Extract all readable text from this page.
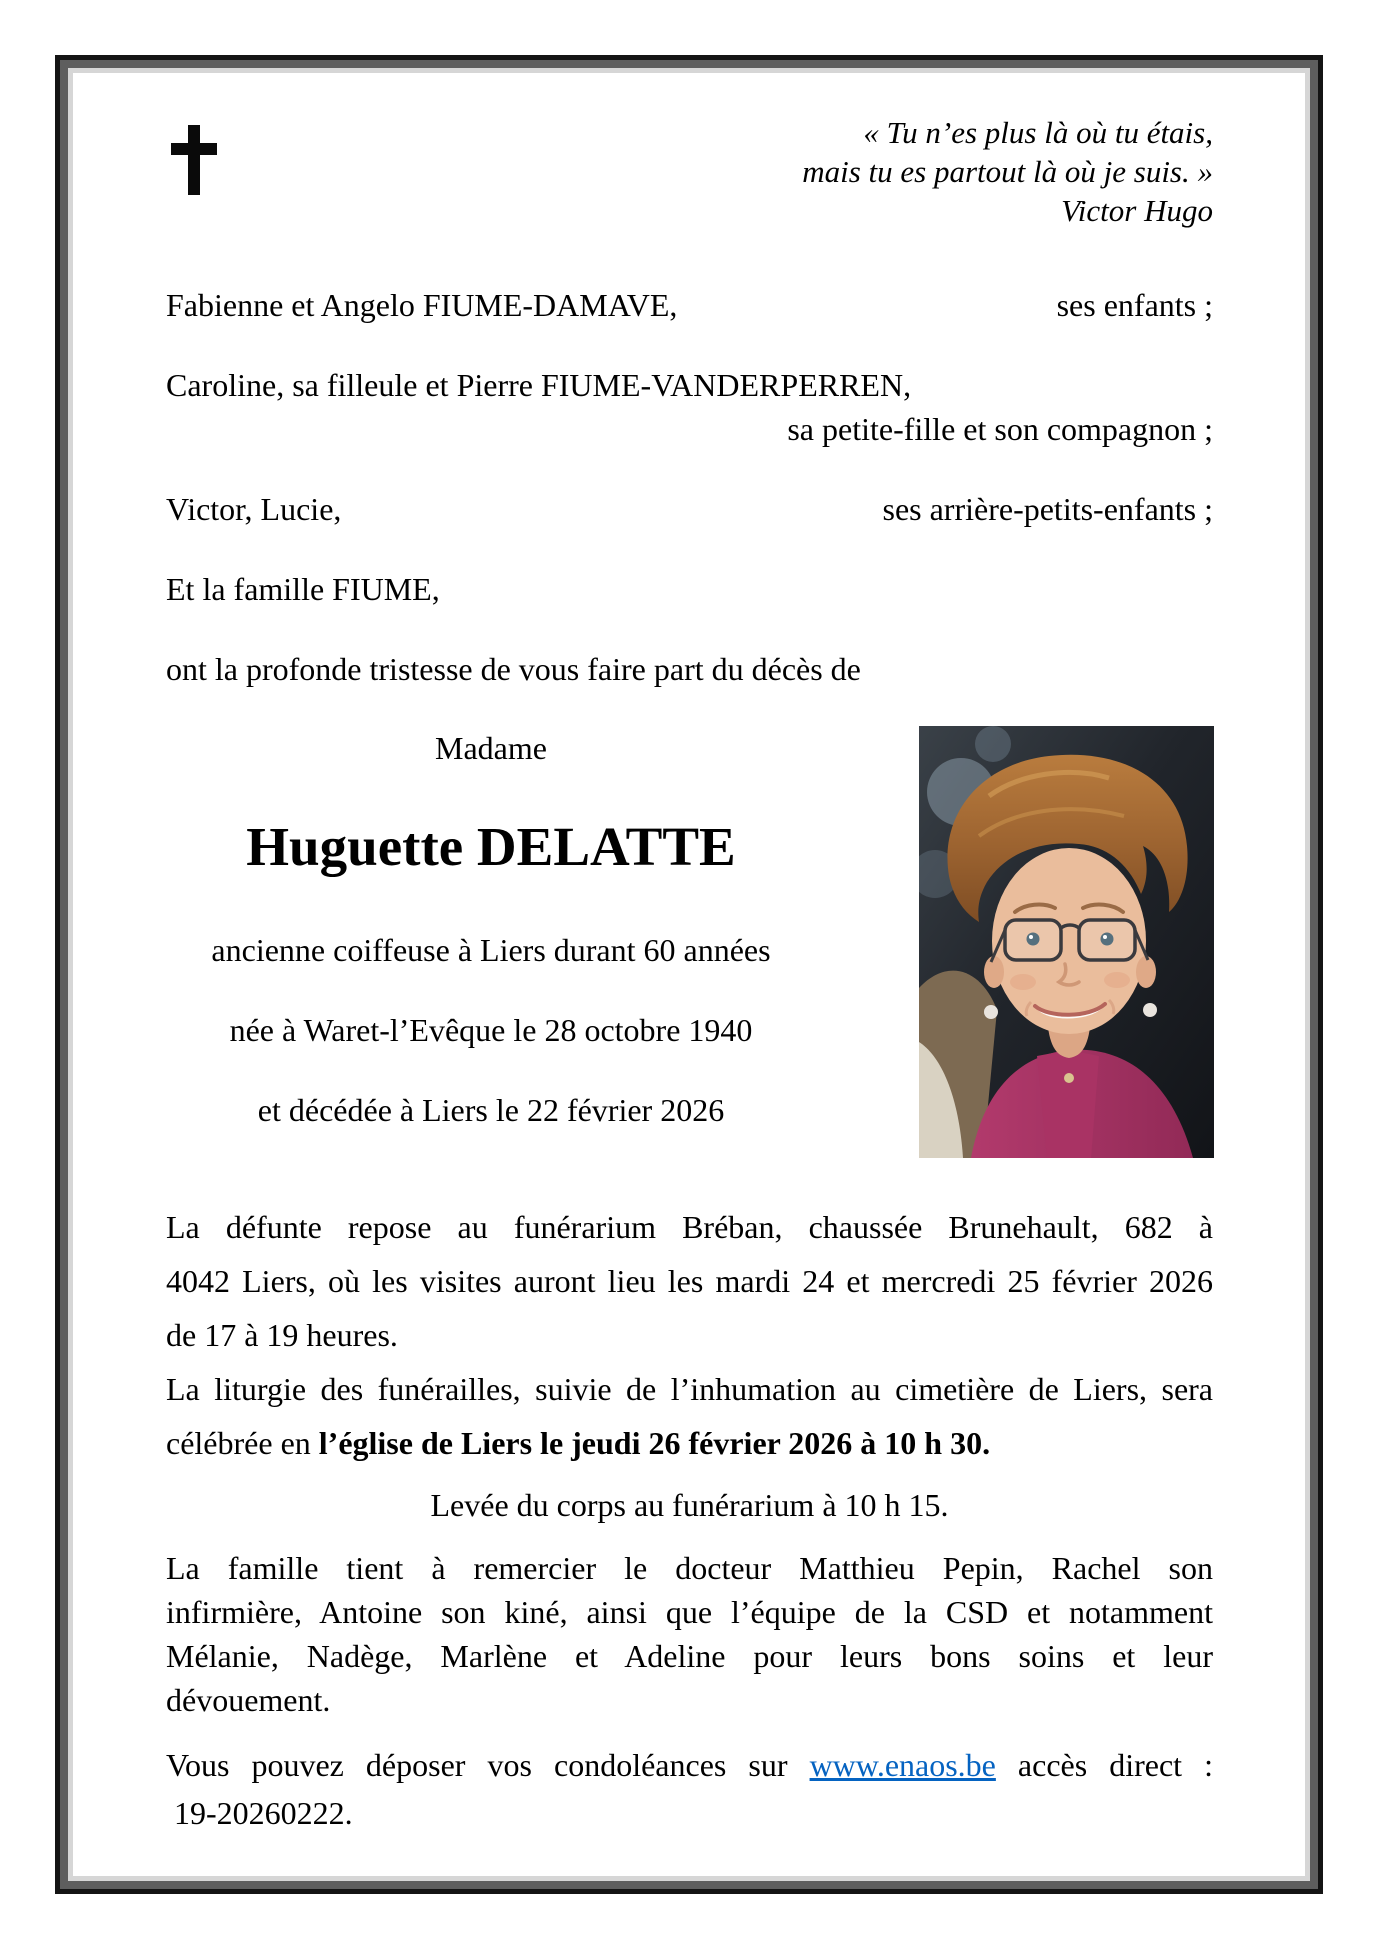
« Tu n’es plus là où tu étais,
mais tu es partout là où je suis. »
Victor Hugo
Fabienne et Angelo FIUME-DAMAVE,	ses enfants ;
Caroline, sa filleule et Pierre FIUME-VANDERPERREN,
sa petite-fille et son compagnon ;
Victor, Lucie,	ses arrière-petits-enfants ;
Et la famille FIUME,
ont la profonde tristesse de vous faire part du décès de
Madame
Huguette DELATTE
ancienne coiffeuse à Liers durant 60 années
née à Waret-l’Evêque le 28 octobre 1940
et décédée à Liers le 22 février 2026
La défunte repose au funérarium Bréban, chaussée Brunehault, 682 à
4042 Liers, où les visites auront lieu les mardi 24 et mercredi 25 février 2026
de 17 à 19 heures.
La liturgie des funérailles, suivie de l’inhumation au cimetière de Liers, sera
célébrée en l’église de Liers le jeudi 26 février 2026 à 10 h 30.
Levée du corps au funérarium à 10 h 15.
La famille tient à remercier le docteur Matthieu Pepin, Rachel son
infirmière, Antoine son kiné, ainsi que l’équipe de la CSD et notamment
Mélanie, Nadège, Marlène et Adeline pour leurs bons soins et leur
dévouement.
Vous pouvez déposer vos condoléances sur www.enaos.be accès direct :
19-20260222.
